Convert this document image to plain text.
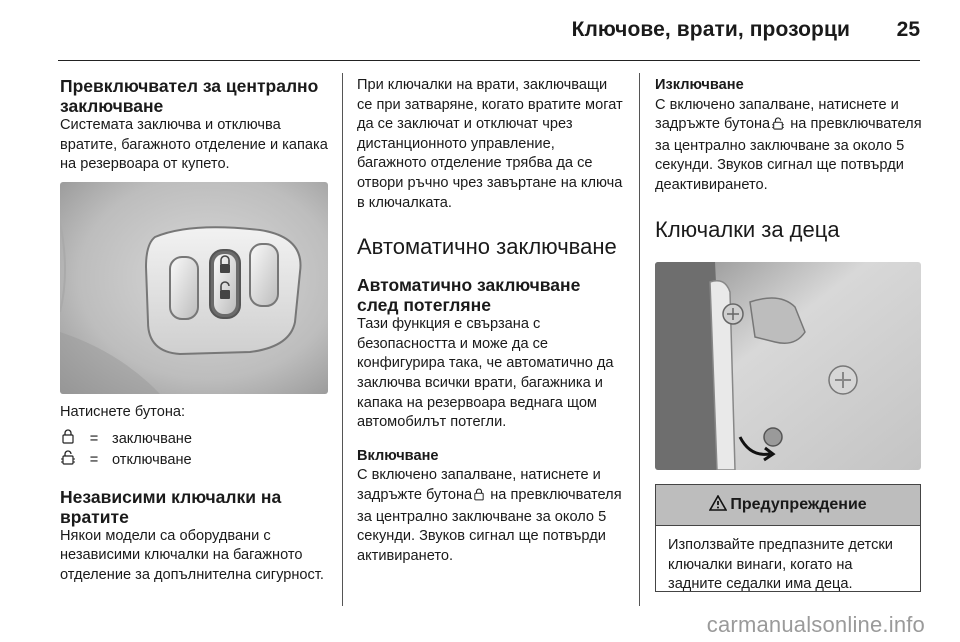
Ключове, врати, прозорци	25
Превключвател за централно заключване
Системата заключва и отключва вратите, багажното отделение и капака на резервоара от купето.
Натиснете бутона:
= заключване
= отключване
Независими ключалки на вратите
Някои модели са оборудвани с независими ключалки на багажното отделение за допълнителна сигурност.
При ключалки на врати, заключващи се при затваряне, когато вратите могат да се заключат и отключат чрез дистанционното управление, багажното отделение трябва да се отвори ръчно чрез завъртане на ключа в ключалката.
Автоматично заключване
Автоматично заключване след потегляне
Тази функция е свързана с безопасността и може да се конфигурира така, че автоматично да заключва всички врати, багажника и капака на резервоара веднага щом автомобилът потегли.
Включване
С включено запалване, натиснете и задръжте бутона на превключвателя за централно заключване за около 5 секунди. Звуков сигнал ще потвърди активирането.
Изключване
С включено запалване, натиснете и задръжте бутона на превключвателя за централно заключване за около 5 секунди. Звуков сигнал ще потвърди деактивирането.
Ключалки за деца
Предупреждение
Използвайте предпазните детски ключалки винаги, когато на задните седалки има деца.
carmanualsonline.info
